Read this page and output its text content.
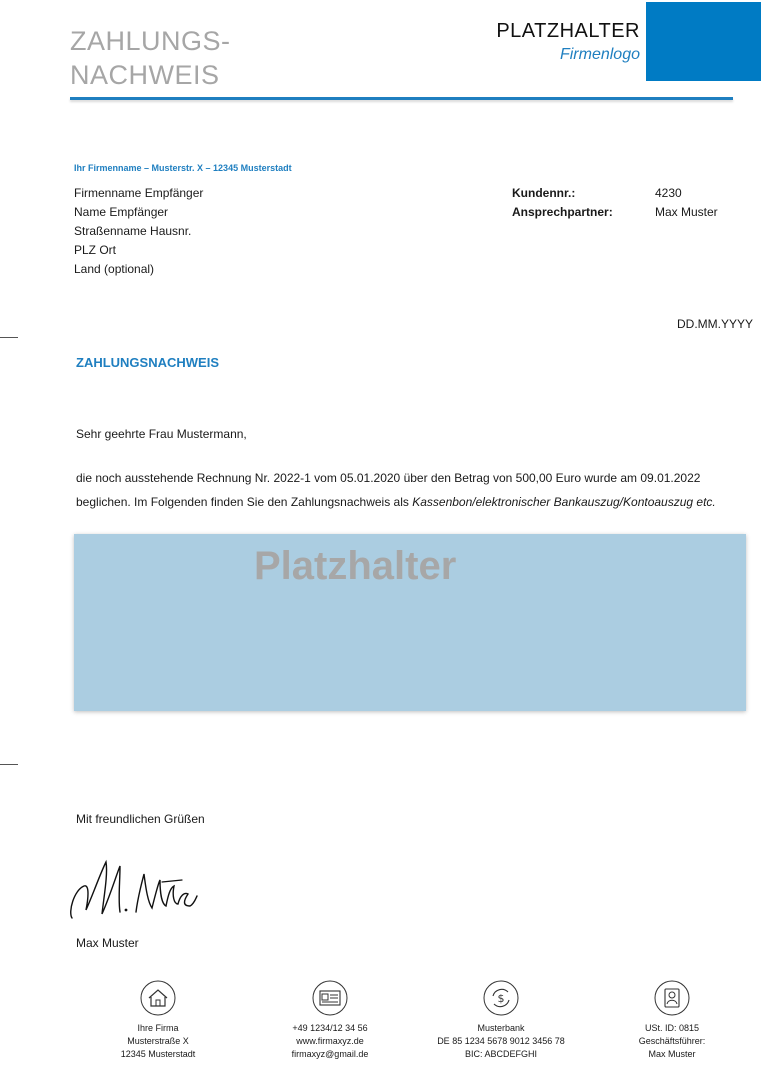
ZAHLUNGS-
NACHWEIS
PLATZHALTER
Firmenlogo
Ihr Firmenname – Musterstr. X – 12345 Musterstadt
Firmenname Empfänger
Name Empfänger
Straßenname Hausnr.
PLZ Ort
Land (optional)
Kundennr.:	4230
Ansprechpartner:	Max Muster
DD.MM.YYYY
ZAHLUNGSNACHWEIS
Sehr geehrte Frau Mustermann,
die noch ausstehende Rechnung Nr. 2022-1 vom 05.01.2020 über den Betrag von 500,00 Euro wurde am 09.01.2022
beglichen. Im Folgenden finden Sie den Zahlungsnachweis als Kassenbon/elektronischer Bankauszug/Kontoauszug etc.
Platzhalter
Mit freundlichen Grüßen
Max Muster
Ihre Firma
Musterstraße X
12345 Musterstadt
+49 1234/12 34 56
www.firmaxyz.de
firmaxyz@gmail.de
$
Musterbank
DE 85 1234 5678 9012 3456 78
BIC: ABCDEFGHI
USt. ID: 0815
Geschäftsführer:
Max Muster
